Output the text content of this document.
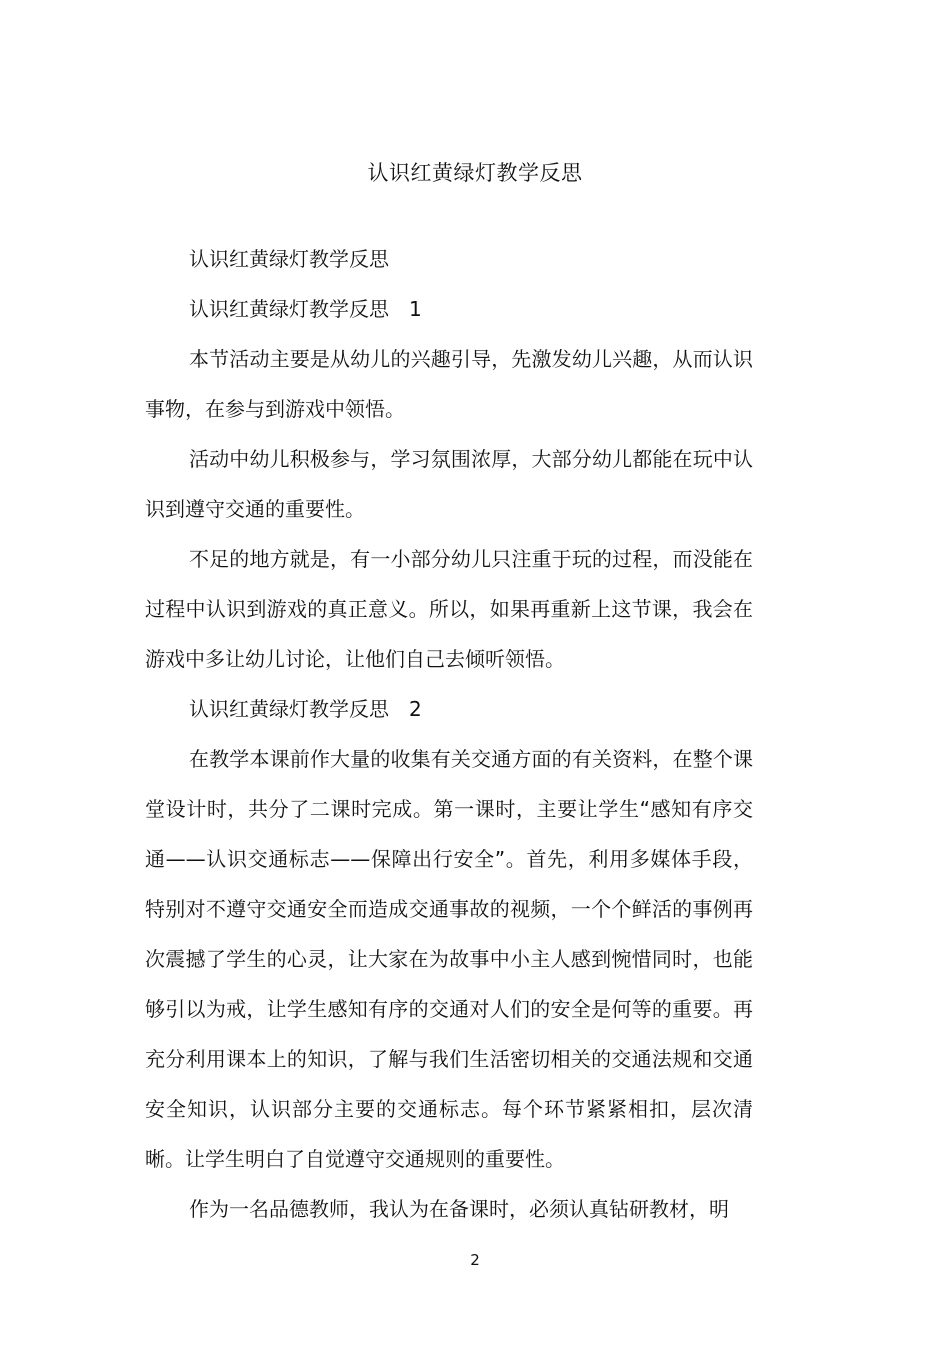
认识红黄绿灯教学反思

认识红黄绿灯教学反思

认识红黄绿灯教学反思　1

本节活动主要是从幼儿的兴趣引导，先激发幼儿兴趣，从而认识事物，在参与到游戏中领悟。

活动中幼儿积极参与，学习氛围浓厚，大部分幼儿都能在玩中认识到遵守交通的重要性。

不足的地方就是，有一小部分幼儿只注重于玩的过程，而没能在过程中认识到游戏的真正意义。所以，如果再重新上这节课，我会在游戏中多让幼儿讨论，让他们自己去倾听领悟。

认识红黄绿灯教学反思　2

在教学本课前作大量的收集有关交通方面的有关资料，在整个课堂设计时，共分了二课时完成。第一课时，主要让学生“感知有序交通——认识交通标志——保障出行安全”。首先，利用多媒体手段，特别对不遵守交通安全而造成交通事故的视频，一个个鲜活的事例再次震撼了学生的心灵，让大家在为故事中小主人感到惋惜同时，也能够引以为戒，让学生感知有序的交通对人们的安全是何等的重要。再充分利用课本上的知识，了解与我们生活密切相关的交通法规和交通安全知识，认识部分主要的交通标志。每个环节紧紧相扣，层次清晰。让学生明白了自觉遵守交通规则的重要性。

作为一名品德教师，我认为在备课时，必须认真钻研教材，明

2
